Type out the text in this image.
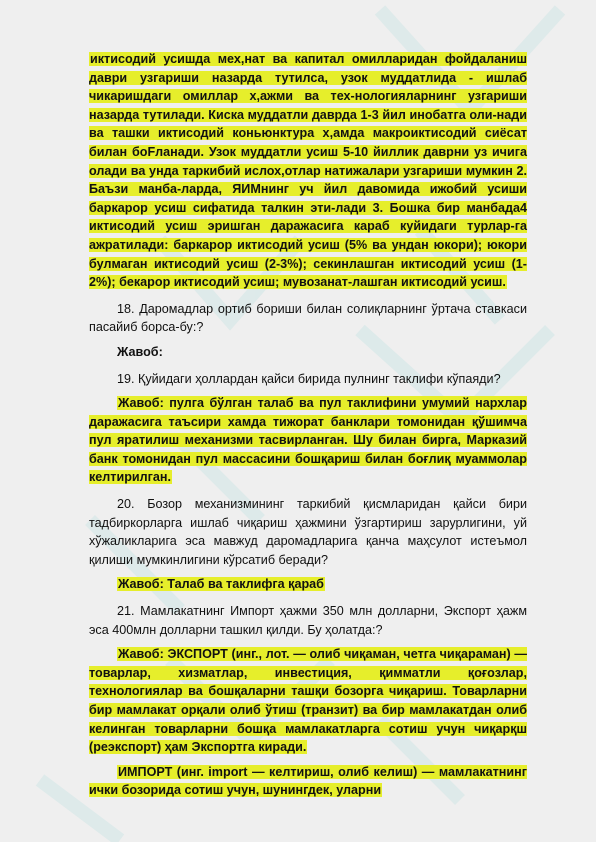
иктисодий усишда мех,нат ва капитал омилларидан фойдаланиш даври узгариши назарда тутилса, узок муддатлида - ишлаб чикаришдаги омиллар х,ажми ва тех-нологияларнинг узгариши назарда тутилади. Киска муддатли даврда 1-3 йил инобатга оли-нади ва ташки иктисодий коньюнктура х,амда макроиктисодий сиёсат билан боFланади. Узок муддатли усиш 5-10 йиллик даврни уз ичига олади ва унда таркибий ислох,отлар натижалари узгариши мумкин 2. Баъзи манба-ларда, ЯИМнинг уч йил давомида ижобий усиши баркарор усиш сифатида талкин эти-лади 3. Бошка бир манбада4 иктисодий усиш эришган даражасига караб куйидаги турлар-га ажратилади: баркарор иктисодий усиш (5% ва ундан юкори); юкори булмаган иктисодий усиш (2-3%); секинлашган иктисодий усиш (1-2%); бекарор иктисодий усиш; мувозанат-лашган иктисодий усиш.

18. Даромадлар ортиб бориши билан солиқларнинг ўртача ставкаси пасайиб борса-бу:?

Жавоб:

19. Қуйидаги ҳоллардан қайси бирида пулнинг таклифи кўпаяди?

Жавоб: пулга бўлган талаб ва пул таклифини умумий нархлар даражасига таъсири хамда тижорат банклари томонидан қўшимча пул яратилиш механизми тасвирланган. Шу билан бирга, Марказий банк томонидан пул массасини бошқариш билан боғлиқ муаммолар келтирилган.

20. Бозор механизмининг таркибий қисмларидан қайси бири тадбиркорларга ишлаб чиқариш ҳажмини ўзгартириш зарурлигини, уй хўжаликларига эса мавжуд даромадларига қанча маҳсулот истеъмол қилиши мумкинлигини кўрсатиб беради?

Жавоб: Талаб ва таклифга қараб

21. Мамлакатнинг Импорт ҳажми 350 млн долларни, Экспорт ҳажм эса 400млн долларни ташкил қилди. Бу ҳолатда:?

Жавоб: ЭКСПОРТ (инг., лот. — олиб чиқаман, четга чиқараман) — товарлар, хизматлар, инвестиция, қимматли қоғозлар, технологиялар ва бошқаларни ташқи бозорга чиқариш. Товарларни бир мамлакат орқали олиб ўтиш (транзит) ва бир мамлакатдан олиб келинган товарларни бошқа мамлакатларга сотиш учун чиқарқш (реэкспорт) ҳам Экспортга киради.

ИМПОРТ (инг. import — келтириш, олиб келиш) — мамлакатнинг ички бозорида сотиш учун, шунингдек, уларни
